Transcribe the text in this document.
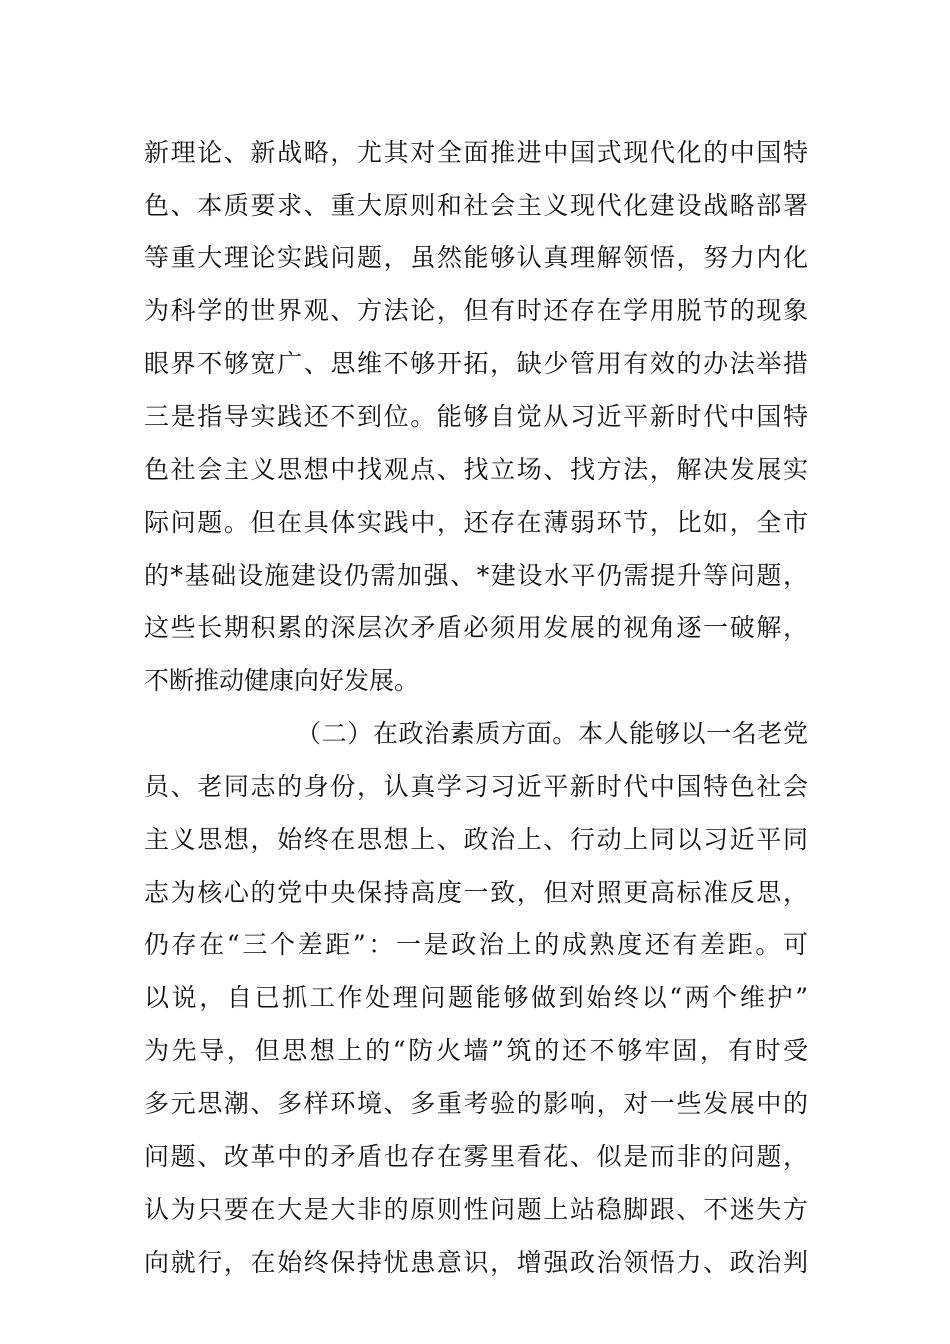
新理论、新战略，尤其对全面推进中国式现代化的中国特
色、本质要求、重大原则和社会主义现代化建设战略部署
等重大理论实践问题，虽然能够认真理解领悟，努力内化
为科学的世界观、方法论，但有时还存在学用脱节的现象
眼界不够宽广、思维不够开拓，缺少管用有效的办法举措
三是指导实践还不到位。能够自觉从习近平新时代中国特
色社会主义思想中找观点、找立场、找方法，解决发展实
际问题。但在具体实践中，还存在薄弱环节，比如，全市
的*基础设施建设仍需加强、*建设水平仍需提升等问题，
这些长期积累的深层次矛盾必须用发展的视角逐一破解，
不断推动健康向好发展。
（二）在政治素质方面。本人能够以一名老党
员、老同志的身份，认真学习习近平新时代中国特色社会
主义思想，始终在思想上、政治上、行动上同以习近平同
志为核心的党中央保持高度一致，但对照更高标准反思，
仍存在“三个差距”：一是政治上的成熟度还有差距。可
以说，自已抓工作处理问题能够做到始终以“两个维护”
为先导，但思想上的“防火墙”筑的还不够牢固，有时受
多元思潮、多样环境、多重考验的影响，对一些发展中的
问题、改革中的矛盾也存在雾里看花、似是而非的问题，
认为只要在大是大非的原则性问题上站稳脚跟、不迷失方
向就行，在始终保持忧患意识，增强政治领悟力、政治判
